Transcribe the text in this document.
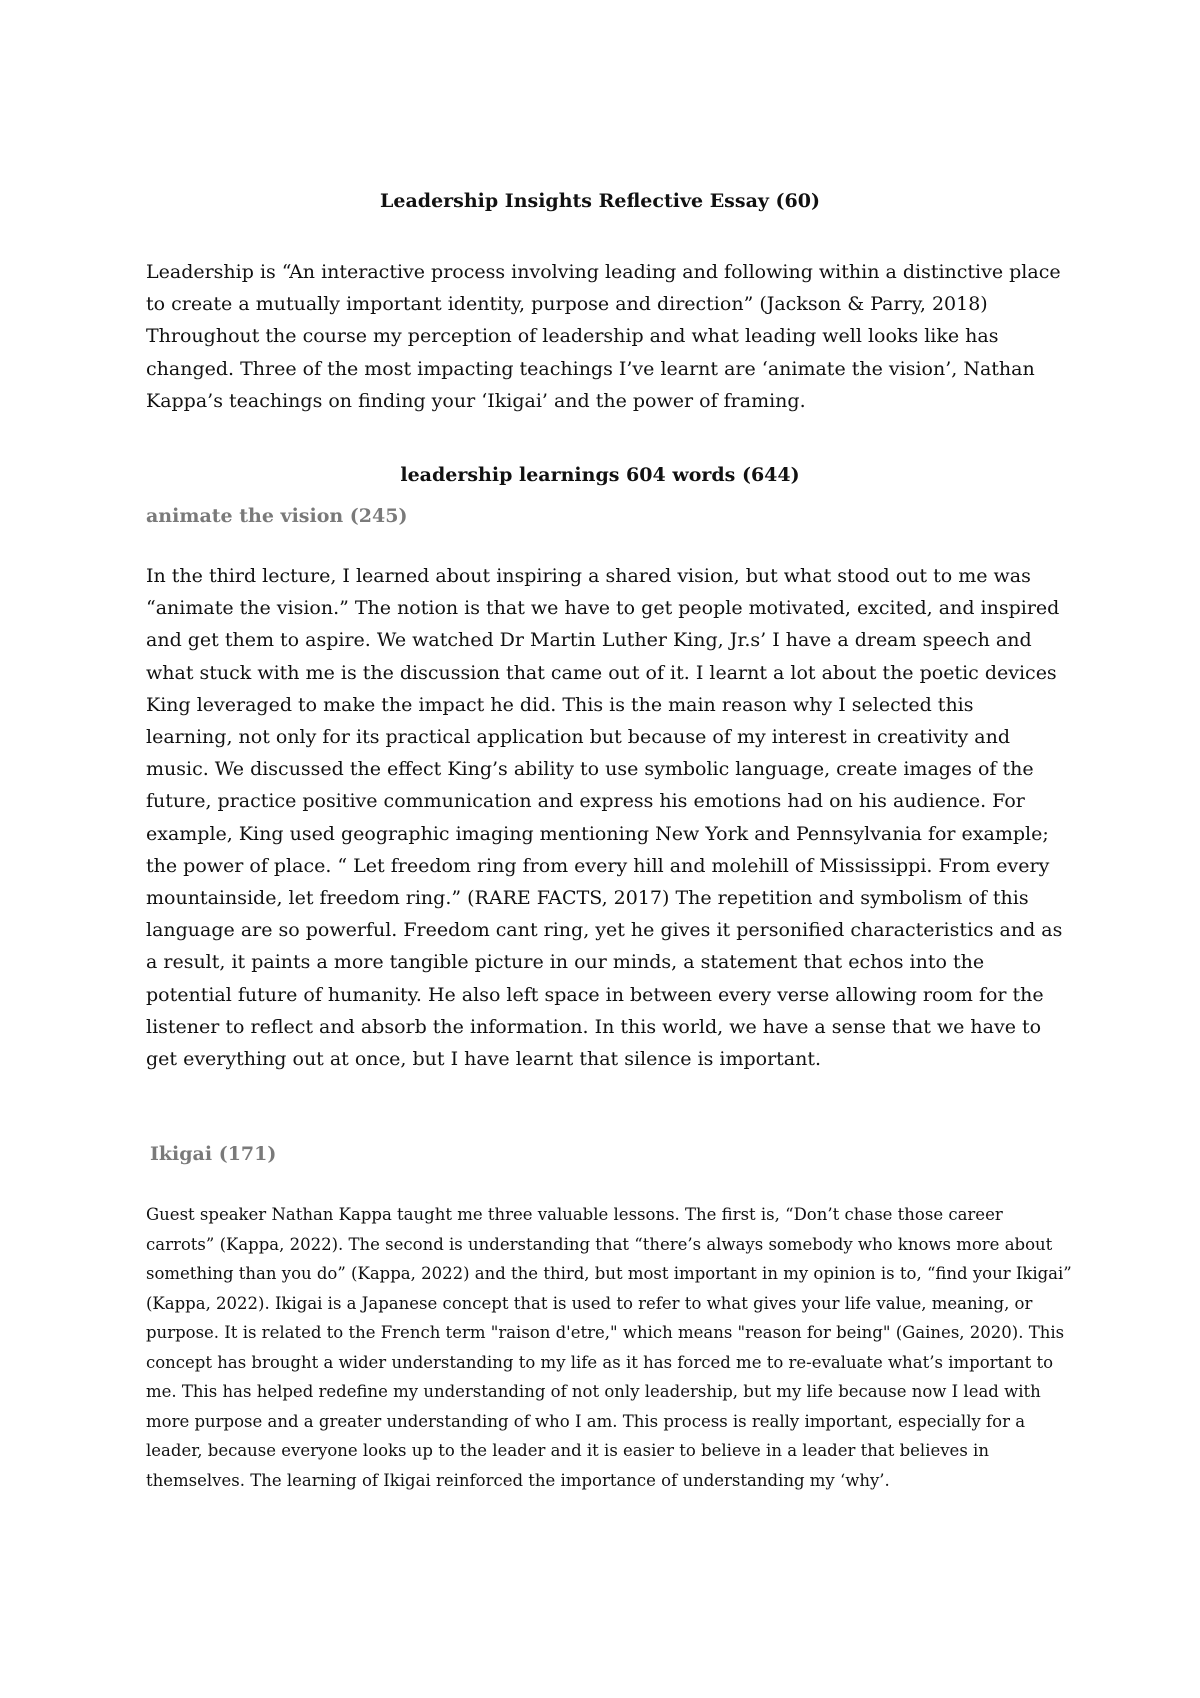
Leadership Insights Reflective Essay (60)

Leadership is “An interactive process involving leading and following within a distinctive place to create a mutually important identity, purpose and direction” (Jackson & Parry, 2018) Throughout the course my perception of leadership and what leading well looks like has changed. Three of the most impacting teachings I’ve learnt are ‘animate the vision’, Nathan Kappa’s teachings on finding your ‘Ikigai’ and the power of framing.

leadership learnings 604 words (644)
animate the vision (245)

In the third lecture, I learned about inspiring a shared vision, but what stood out to me was “animate the vision.” The notion is that we have to get people motivated, excited, and inspired and get them to aspire. We watched Dr Martin Luther King, Jr.s’ I have a dream speech and what stuck with me is the discussion that came out of it. I learnt a lot about the poetic devices King leveraged to make the impact he did. This is the main reason why I selected this learning, not only for its practical application but because of my interest in creativity and music. We discussed the effect King’s ability to use symbolic language, create images of the future, practice positive communication and express his emotions had on his audience. For example, King used geographic imaging mentioning New York and Pennsylvania for example; the power of place. “ Let freedom ring from every hill and molehill of Mississippi. From every mountainside, let freedom ring.” (RARE FACTS, 2017) The repetition and symbolism of this language are so powerful. Freedom cant ring, yet he gives it personified characteristics and as a result, it paints a more tangible picture in our minds, a statement that echos into the potential future of humanity. He also left space in between every verse allowing room for the listener to reflect and absorb the information. In this world, we have a sense that we have to get everything out at once, but I have learnt that silence is important.

Ikigai (171)

Guest speaker Nathan Kappa taught me three valuable lessons. The first is, “Don’t chase those career carrots” (Kappa, 2022). The second is understanding that “there’s always somebody who knows more about something than you do” (Kappa, 2022) and the third, but most important in my opinion is to, “find your Ikigai” (Kappa, 2022). Ikigai is a Japanese concept that is used to refer to what gives your life value, meaning, or purpose. It is related to the French term "raison d'etre," which means "reason for being" (Gaines, 2020). This concept has brought a wider understanding to my life as it has forced me to re-evaluate what’s important to me. This has helped redefine my understanding of not only leadership, but my life because now I lead with more purpose and a greater understanding of who I am. This process is really important, especially for a leader, because everyone looks up to the leader and it is easier to believe in a leader that believes in themselves. The learning of Ikigai reinforced the importance of understanding my ‘why’.
